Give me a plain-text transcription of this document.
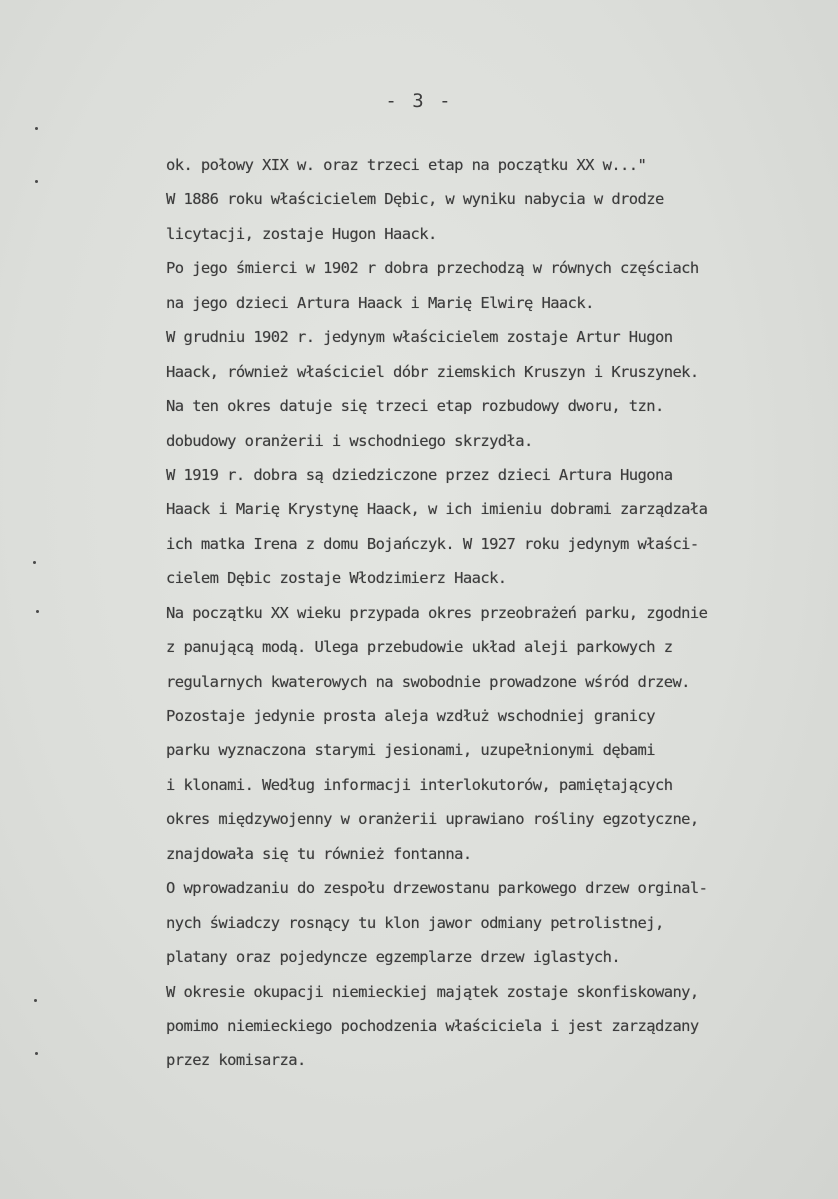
- 3 -
ok. połowy XIX w. oraz trzeci etap na początku XX w..."
W 1886 roku właścicielem Dębic, w wyniku nabycia w drodze
licytacji, zostaje Hugon Haack.
Po jego śmierci w 1902 r dobra przechodzą w równych częściach
na jego dzieci Artura Haack i Marię Elwirę Haack.
W grudniu 1902 r. jedynym właścicielem zostaje Artur Hugon
Haack, również właściciel dóbr ziemskich Kruszyn i Kruszynek.
Na ten okres datuje się trzeci etap rozbudowy dworu, tzn.
dobudowy oranżerii i wschodniego skrzydła.
W 1919 r. dobra są dziedziczone przez dzieci Artura Hugona
Haack i Marię Krystynę Haack, w ich imieniu dobrami zarządzała
ich matka Irena z domu Bojańczyk. W 1927 roku jedynym właści-
cielem Dębic zostaje Włodzimierz Haack.
Na początku XX wieku przypada okres przeobrażeń parku, zgodnie
z panującą modą. Ulega przebudowie układ aleji parkowych z
regularnych kwaterowych na swobodnie prowadzone wśród drzew.
Pozostaje jedynie prosta aleja wzdłuż wschodniej granicy
parku wyznaczona starymi jesionami, uzupełnionymi dębami
i klonami. Według informacji interlokutorów, pamiętających
okres międzywojenny w oranżerii uprawiano rośliny egzotyczne,
znajdowała się tu również fontanna.
O wprowadzaniu do zespołu drzewostanu parkowego drzew orginal-
nych świadczy rosnący tu klon jawor odmiany petrolistnej,
platany oraz pojedyncze egzemplarze drzew iglastych.
W okresie okupacji niemieckiej majątek zostaje skonfiskowany,
pomimo niemieckiego pochodzenia właściciela i jest zarządzany
przez komisarza.
